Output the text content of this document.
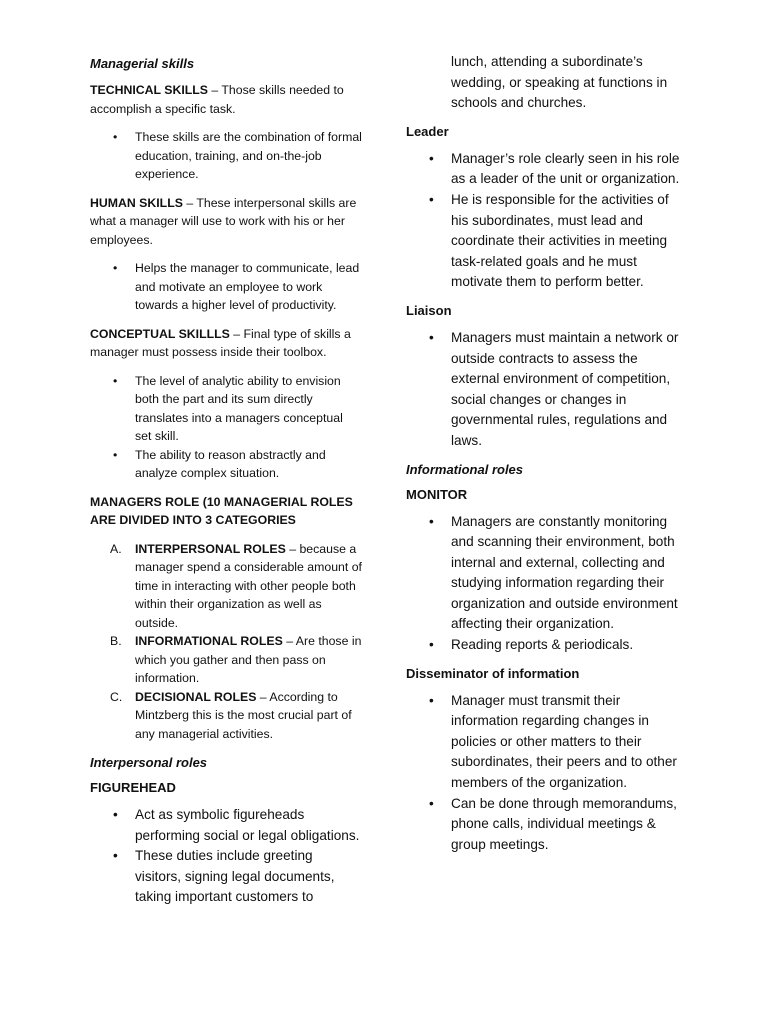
Managerial skills

TECHNICAL SKILLS – Those skills needed to accomplish a specific task.

• These skills are the combination of formal education, training, and on-the-job experience.

HUMAN SKILLS – These interpersonal skills are what a manager will use to work with his or her employees.

• Helps the manager to communicate, lead and motivate an employee to work towards a higher level of productivity.

CONCEPTUAL SKILLLS – Final type of skills a manager must possess inside their toolbox.

• The level of analytic ability to envision both the part and its sum directly translates into a managers conceptual set skill.
• The ability to reason abstractly and analyze complex situation.

MANAGERS ROLE (10 MANAGERIAL ROLES ARE DIVIDED INTO 3 CATEGORIES

A. INTERPERSONAL ROLES – because a manager spend a considerable amount of time in interacting with other people both within their organization as well as outside.
B. INFORMATIONAL ROLES – Are those in which you gather and then pass on information.
C. DECISIONAL ROLES – According to Mintzberg this is the most crucial part of any managerial activities.
Interpersonal roles
FIGUREHEAD
• Act as symbolic figureheads performing social or legal obligations.
• These duties include greeting visitors, signing legal documents, taking important customers to
lunch, attending a subordinate’s wedding, or speaking at functions in schools and churches.
Leader
• Manager’s role clearly seen in his role as a leader of the unit or organization.
• He is responsible for the activities of his subordinates, must lead and coordinate their activities in meeting task-related goals and he must motivate them to perform better.
Liaison
• Managers must maintain a network or outside contracts to assess the external environment of competition, social changes or changes in governmental rules, regulations and laws.
Informational roles
MONITOR
• Managers are constantly monitoring and scanning their environment, both internal and external, collecting and studying information regarding their organization and outside environment affecting their organization.
• Reading reports & periodicals.
Disseminator of information
• Manager must transmit their information regarding changes in policies or other matters to their subordinates, their peers and to other members of the organization.
• Can be done through memorandums, phone calls, individual meetings & group meetings.
